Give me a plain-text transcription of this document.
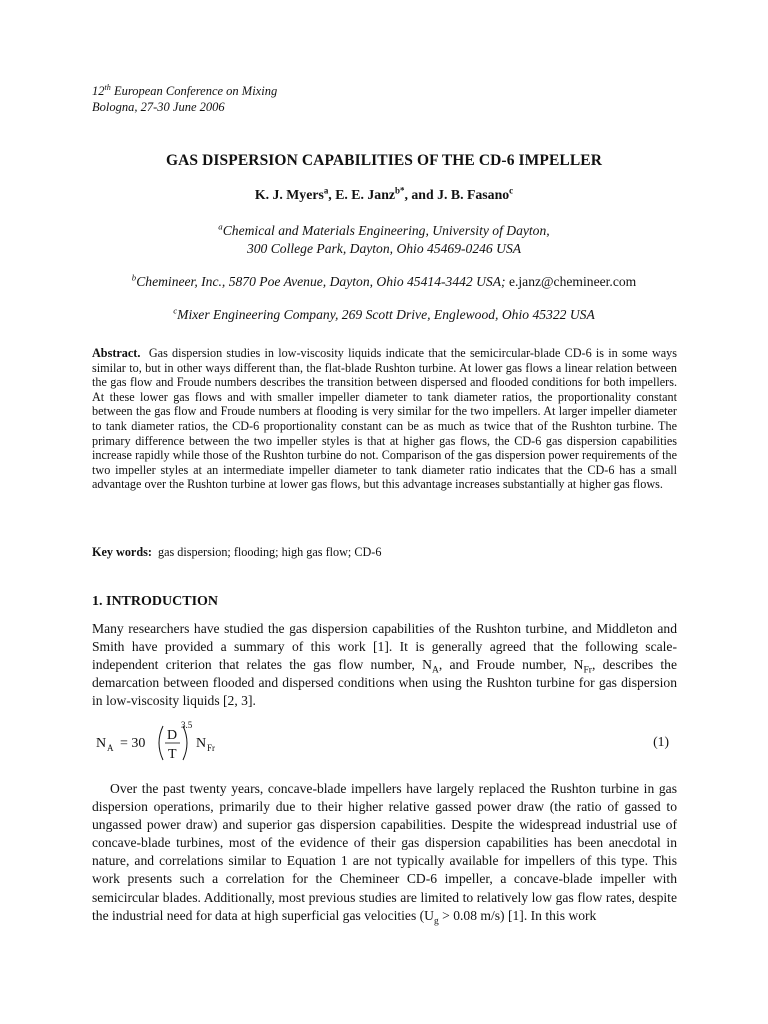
12th European Conference on Mixing
Bologna, 27-30 June 2006
GAS DISPERSION CAPABILITIES OF THE CD-6 IMPELLER
K. J. Myers$^a$, E. E. Janz$^{b*}$, and J. B. Fasano$^c$
$^a$Chemical and Materials Engineering, University of Dayton,
300 College Park, Dayton, Ohio 45469-0246 USA
$^b$Chemineer, Inc., 5870 Poe Avenue, Dayton, Ohio 45414-3442 USA; e.janz@chemineer.com
$^c$Mixer Engineering Company, 269 Scott Drive, Englewood, Ohio 45322 USA
Abstract. Gas dispersion studies in low-viscosity liquids indicate that the semicircular-blade CD-6 is in some ways similar to, but in other ways different than, the flat-blade Rushton turbine. At lower gas flows a linear relation between the gas flow and Froude numbers describes the transition between dispersed and flooded conditions for both impellers. At these lower gas flows and with smaller impeller diameter to tank diameter ratios, the proportionality constant between the gas flow and Froude numbers at flooding is very similar for the two impellers. At larger impeller diameter to tank diameter ratios, the CD-6 proportionality constant can be as much as twice that of the Rushton turbine. The primary difference between the two impeller styles is that at higher gas flows, the CD-6 gas dispersion capabilities increase rapidly while those of the Rushton turbine do not. Comparison of the gas dispersion power requirements of the two impeller styles at an intermediate impeller diameter to tank diameter ratio indicates that the CD-6 has a small advantage over the Rushton turbine at lower gas flows, but this advantage increases substantially at higher gas flows.
Key words: gas dispersion; flooding; high gas flow; CD-6
1. INTRODUCTION
Many researchers have studied the gas dispersion capabilities of the Rushton turbine, and Middleton and Smith have provided a summary of this work [1]. It is generally agreed that the following scale-independent criterion that relates the gas flow number, $N_A$, and Froude number, $N_{Fr}$, describes the demarcation between flooded and dispersed conditions when using the Rushton turbine for gas dispersion in low-viscosity liquids [2, 3].
N A = 30
D
T
3.5
N Fr	(1)
Over the past twenty years, concave-blade impellers have largely replaced the Rushton turbine in gas dispersion operations, primarily due to their higher relative gassed power draw (the ratio of gassed to ungassed power draw) and superior gas dispersion capabilities. Despite the widespread industrial use of concave-blade turbines, most of the evidence of their gas dispersion capabilities has been anecdotal in nature, and correlations similar to Equation 1 are not typically available for impellers of this type. This work presents such a correlation for the Chemineer CD-6 impeller, a concave-blade impeller with semicircular blades. Additionally, most previous studies are limited to relatively low gas flow rates, despite the industrial need for data at high superficial gas velocities ($U_g > 0.08$ m/s) [1]. In this work
